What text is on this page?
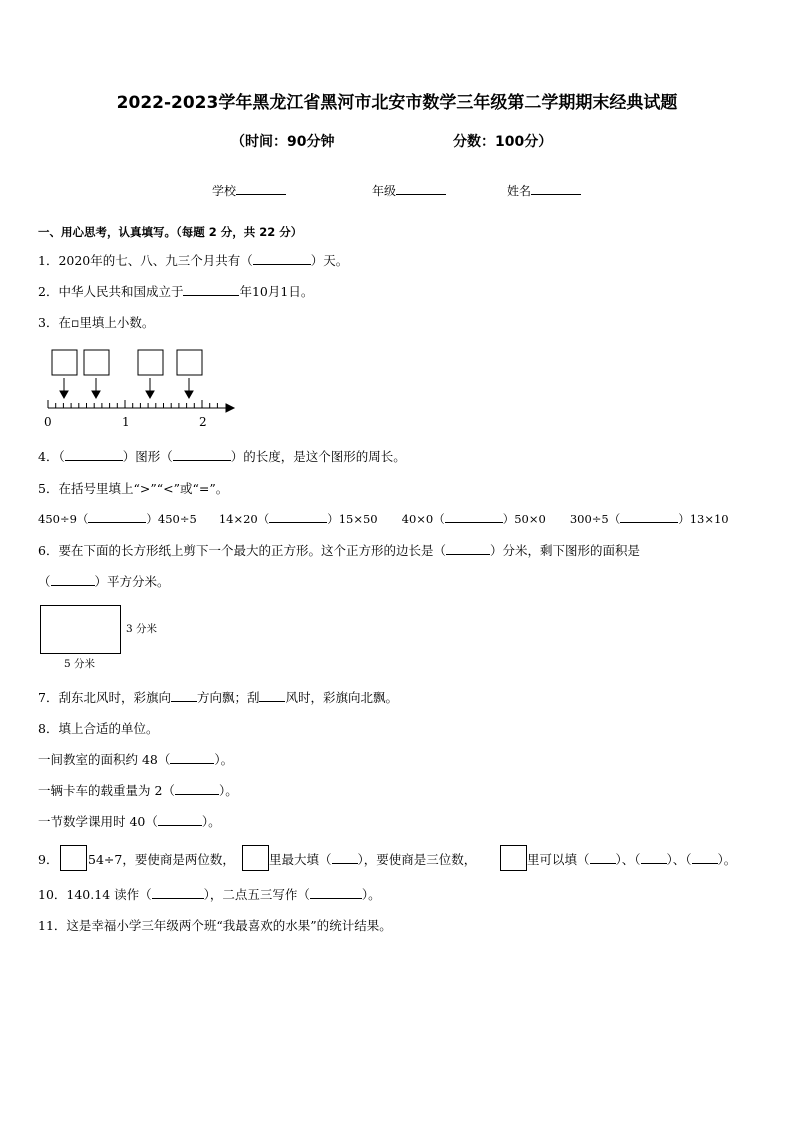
2022-2023学年黑龙江省黑河市北安市数学三年级第二学期期末经典试题
（时间：90分钟	分数：100分）
学校	年级	姓名
一、用心思考，认真填写。（每题 2 分，共 22 分）
1．2020年的七、八、九三个月共有（	）天。
2．中华人民共和国成立于	年10月1日。
3．在▫里填上小数。
0	1	2
4．（	）图形（	）的长度，是这个图形的周长。
5．在括号里填上“>”“<”或“=”。
450÷9（	）450÷5 14×20（	）15×50 40×0（	）50×0 300÷5（	）13×10
6．要在下面的长方形纸上剪下一个最大的正方形。这个正方形的边长是（	）分米，剩下图形的面积是
（	）平方分米。
3 分米
5 分米
7．刮东北风时，彩旗向 方向飘；刮 风时，彩旗向北飘。
8．填上合适的单位。
一间教室的面积约 48（	）。
一辆卡车的载重量为 2（	）。
一节数学课用时 40（	）。
9． 54÷7，要使商是两位数，	里最大填（ ），要使商是三位数，	里可以填（ ）、（ ）、（ ）。
10．140.14 读作（	），二点五三写作（	）。
11．这是幸福小学三年级两个班“我最喜欢的水果”的统计结果。
